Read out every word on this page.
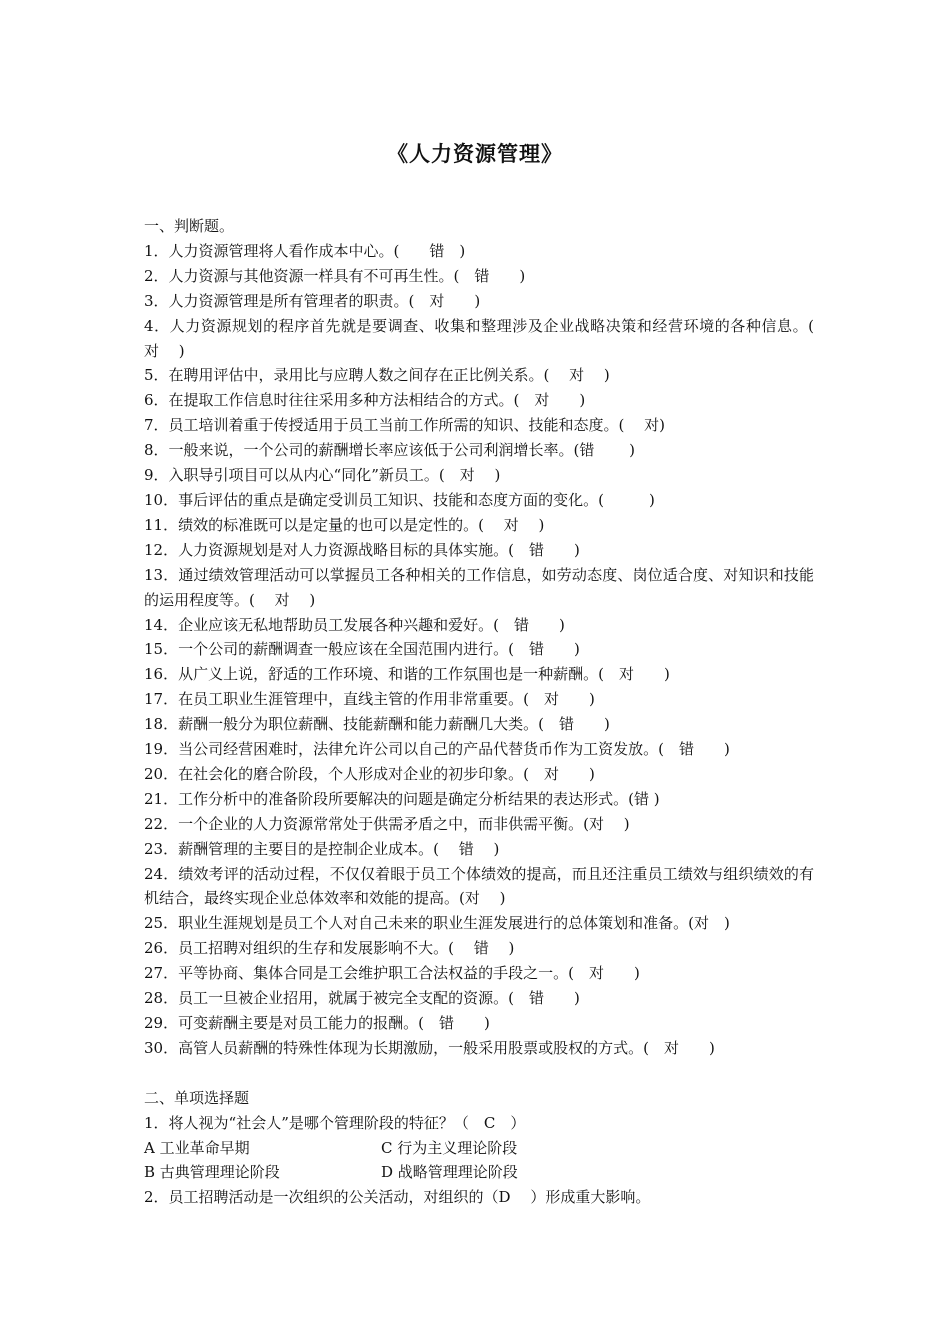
《人力资源管理》
一、判断题。
1．人力资源管理将人看作成本中心。(　　错　)
2．人力资源与其他资源一样具有不可再生性。(　错　　)
3．人力资源管理是所有管理者的职责。(　对　　)
4．人力资源规划的程序首先就是要调查、收集和整理涉及企业战略决策和经营环境的各种信息。(　对　 )
5．在聘用评估中，录用比与应聘人数之间存在正比例关系。(　 对　 )
6．在提取工作信息时往往采用多种方法相结合的方式。(　对　　)
7．员工培训着重于传授适用于员工当前工作所需的知识、技能和态度。(　 对)
8．一般来说，一个公司的薪酬增长率应该低于公司利润增长率。(错　　 )
9．入职导引项目可以从内心“同化”新员工。(　对　 )
10．事后评估的重点是确定受训员工知识、技能和态度方面的变化。(　　　)
11．绩效的标准既可以是定量的也可以是定性的。(　 对　 )
12．人力资源规划是对人力资源战略目标的具体实施。(　错　　)
13．通过绩效管理活动可以掌握员工各种相关的工作信息，如劳动态度、岗位适合度、对知识和技能的运用程度等。(　 对　 )
14．企业应该无私地帮助员工发展各种兴趣和爱好。(　错　　)
15．一个公司的薪酬调查一般应该在全国范围内进行。(　错　　)
16．从广义上说，舒适的工作环境、和谐的工作氛围也是一种薪酬。(　对　　)
17．在员工职业生涯管理中，直线主管的作用非常重要。(　对　　)
18．薪酬一般分为职位薪酬、技能薪酬和能力薪酬几大类。(　错　　)
19．当公司经营困难时，法律允许公司以自己的产品代替货币作为工资发放。(　错　　)
20．在社会化的磨合阶段，个人形成对企业的初步印象。(　对　　)
21．工作分析中的准备阶段所要解决的问题是确定分析结果的表达形式。(错 )
22．一个企业的人力资源常常处于供需矛盾之中，而非供需平衡。(对　 )
23．薪酬管理的主要目的是控制企业成本。(　 错　 )
24．绩效考评的活动过程，不仅仅着眼于员工个体绩效的提高，而且还注重员工绩效与组织绩效的有机结合，最终实现企业总体效率和效能的提高。(对　 )
25．职业生涯规划是员工个人对自己未来的职业生涯发展进行的总体策划和准备。(对　)
26．员工招聘对组织的生存和发展影响不大。(　 错　 )
27．平等协商、集体合同是工会维护职工合法权益的手段之一。(　对　　)
28．员工一旦被企业招用，就属于被完全支配的资源。(　错　　)
29．可变薪酬主要是对员工能力的报酬。(　错　　)
30．高管人员薪酬的特殊性体现为长期激励，一般采用股票或股权的方式。(　对　　)
二、单项选择题
1．将人视为“社会人”是哪个管理阶段的特征？（　C　）
A 工业革命早期	C 行为主义理论阶段
B 古典管理理论阶段	D 战略管理理论阶段
2．员工招聘活动是一次组织的公关活动，对组织的（D　 ）形成重大影响。
